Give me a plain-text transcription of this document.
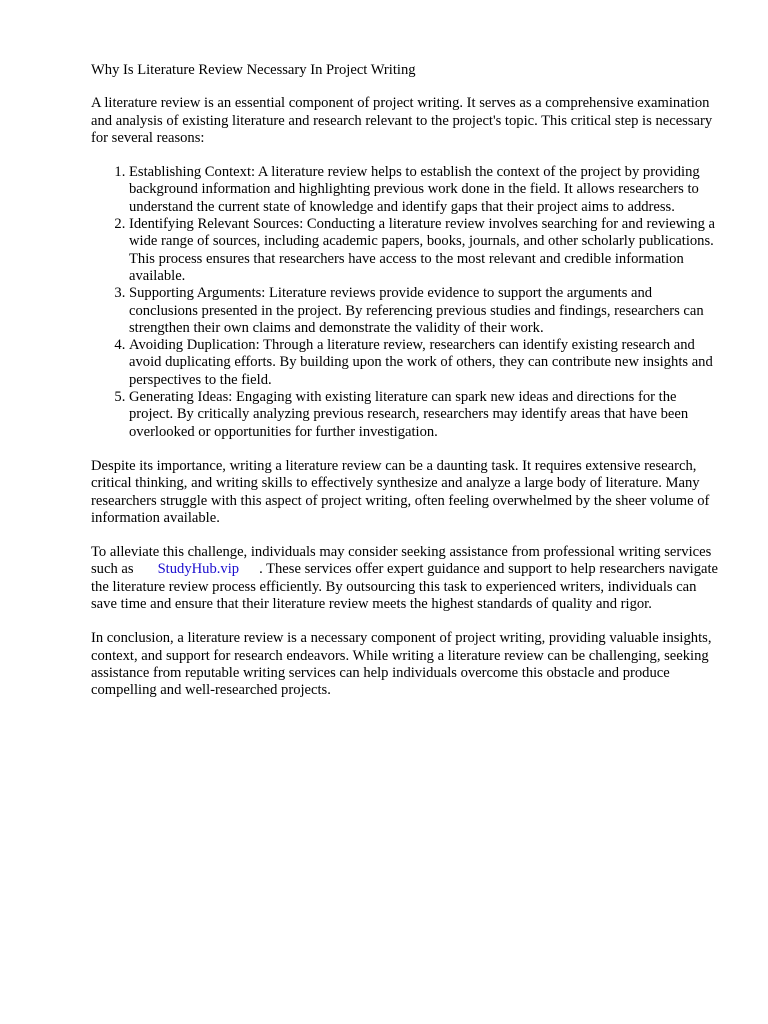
Why Is Literature Review Necessary In Project Writing

A literature review is an essential component of project writing. It serves as a comprehensive examination and analysis of existing literature and research relevant to the project's topic. This critical step is necessary for several reasons:

1. Establishing Context: A literature review helps to establish the context of the project by providing background information and highlighting previous work done in the field. It allows researchers to understand the current state of knowledge and identify gaps that their project aims to address.
2. Identifying Relevant Sources: Conducting a literature review involves searching for and reviewing a wide range of sources, including academic papers, books, journals, and other scholarly publications. This process ensures that researchers have access to the most relevant and credible information available.
3. Supporting Arguments: Literature reviews provide evidence to support the arguments and conclusions presented in the project. By referencing previous studies and findings, researchers can strengthen their own claims and demonstrate the validity of their work.
4. Avoiding Duplication: Through a literature review, researchers can identify existing research and avoid duplicating efforts. By building upon the work of others, they can contribute new insights and perspectives to the field.
5. Generating Ideas: Engaging with existing literature can spark new ideas and directions for the project. By critically analyzing previous research, researchers may identify areas that have been overlooked or opportunities for further investigation.

Despite its importance, writing a literature review can be a daunting task. It requires extensive research, critical thinking, and writing skills to effectively synthesize and analyze a large body of literature. Many researchers struggle with this aspect of project writing, often feeling overwhelmed by the sheer volume of information available.

To alleviate this challenge, individuals may consider seeking assistance from professional writing services such as StudyHub.vip . These services offer expert guidance and support to help researchers navigate the literature review process efficiently. By outsourcing this task to experienced writers, individuals can save time and ensure that their literature review meets the highest standards of quality and rigor.

In conclusion, a literature review is a necessary component of project writing, providing valuable insights, context, and support for research endeavors. While writing a literature review can be challenging, seeking assistance from reputable writing services can help individuals overcome this obstacle and produce compelling and well-researched projects.
